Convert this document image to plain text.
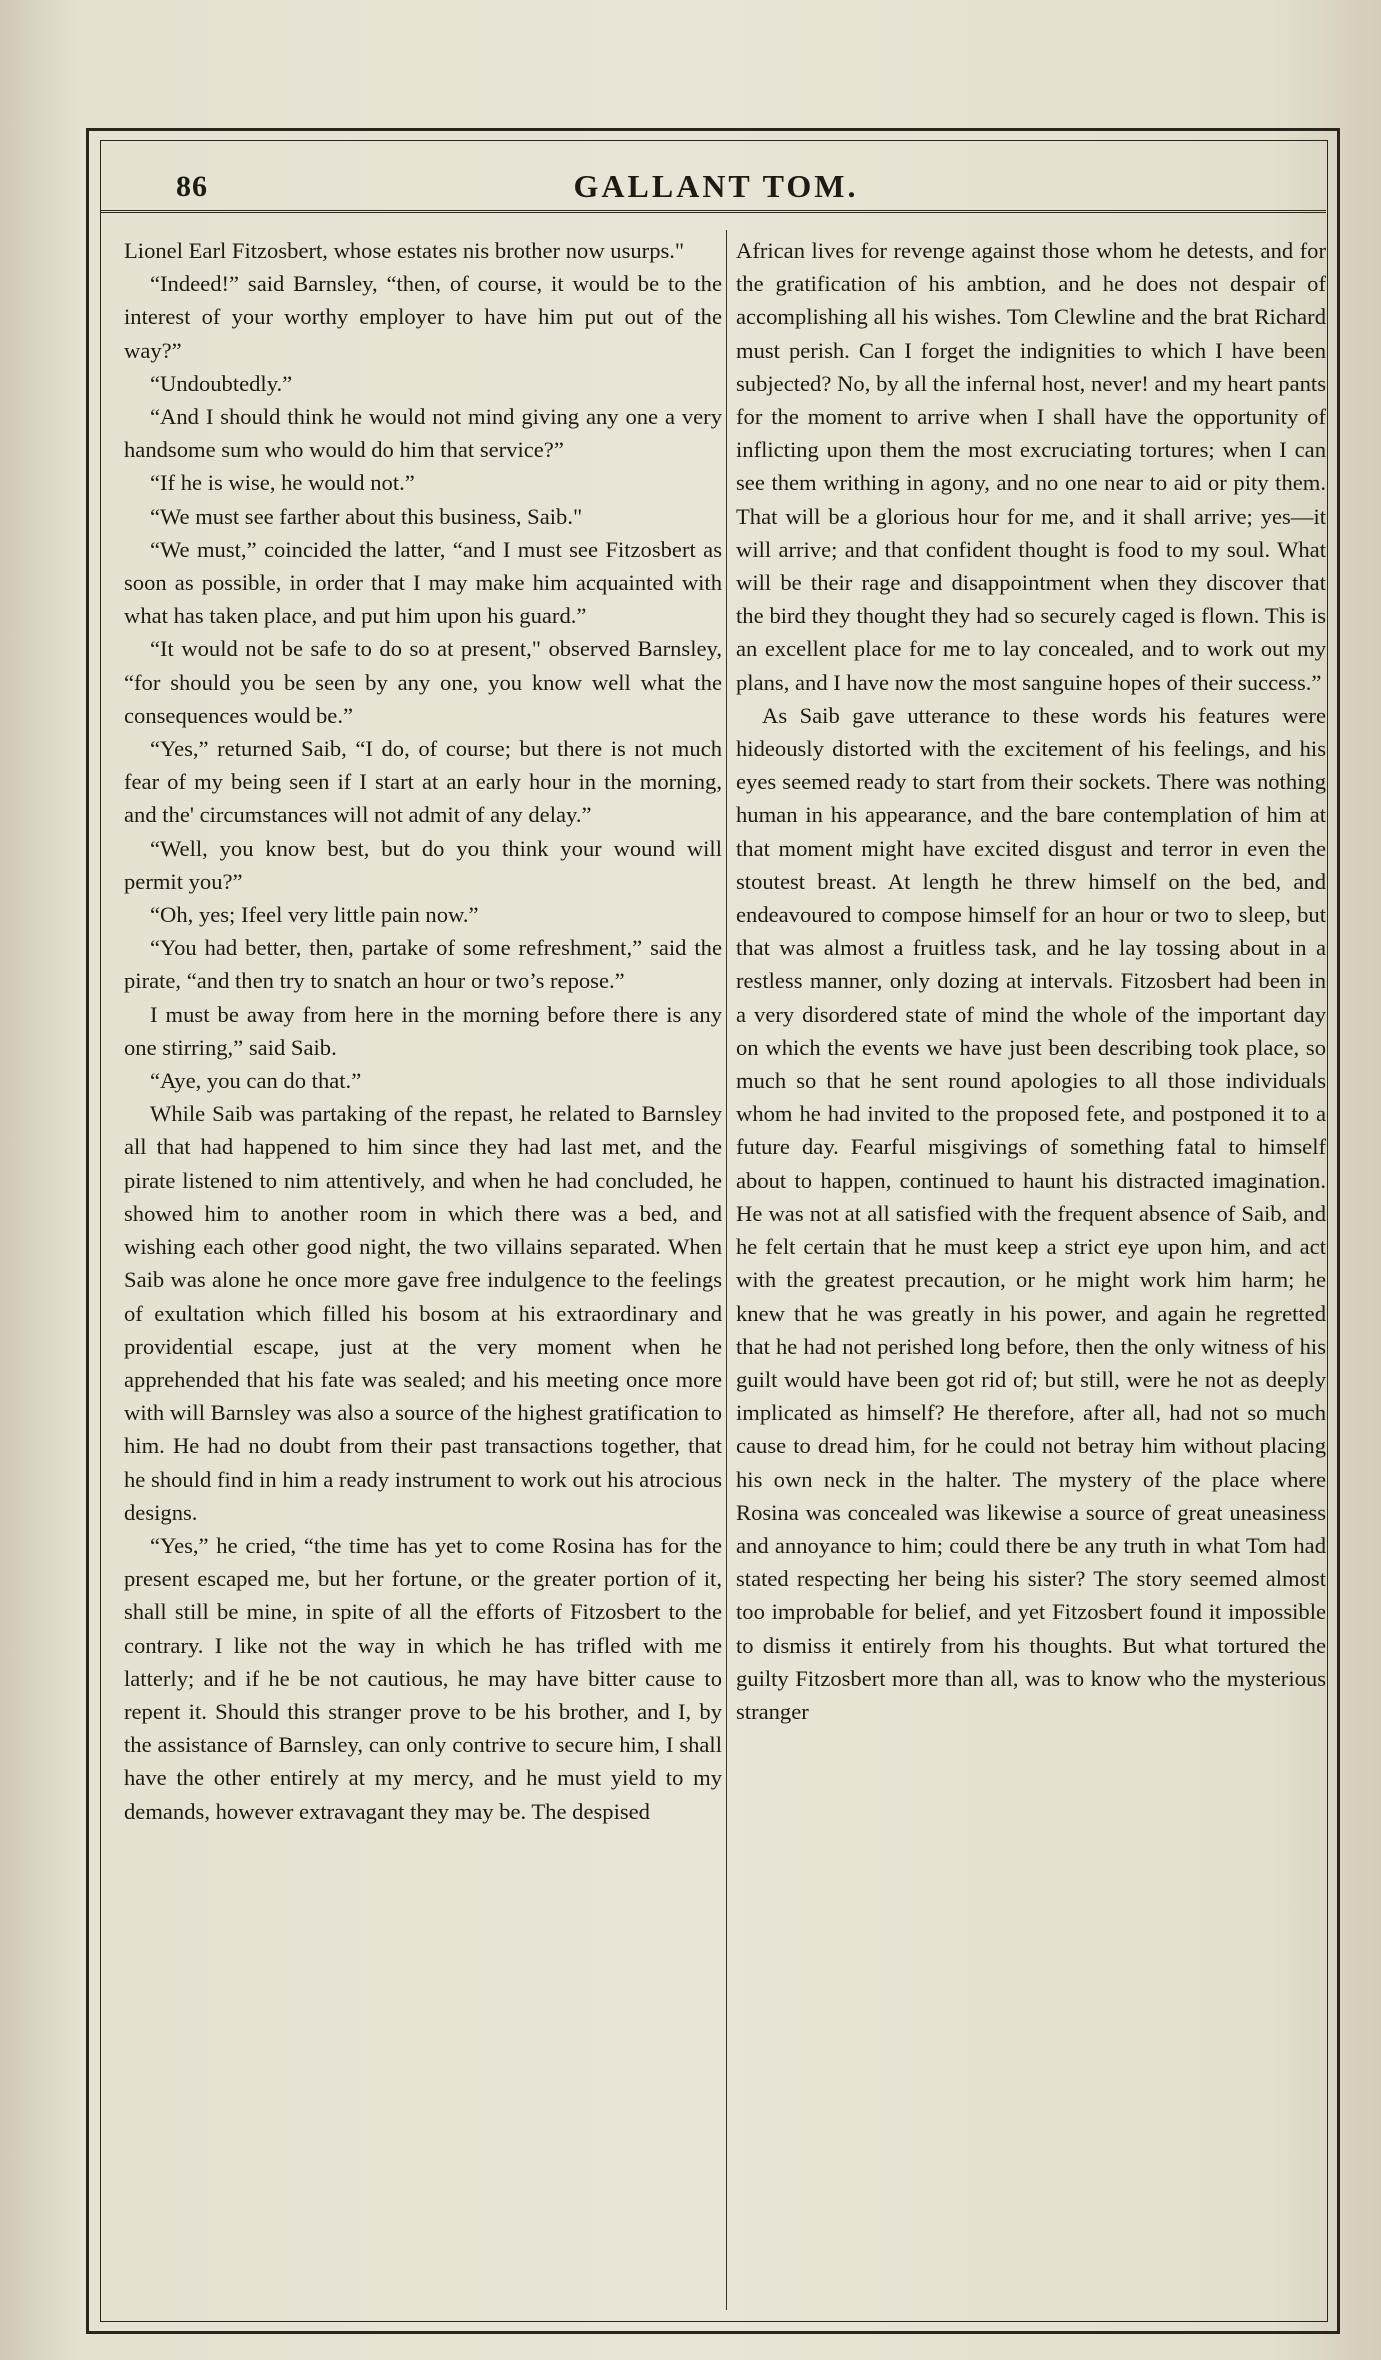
86	GALLANT TOM.

Lionel Earl Fitzosbert, whose estates nis brother now usurps."

“Indeed!” said Barnsley, “then, of course, it would be to the interest of your worthy employer to have him put out of the way?”

“Undoubtedly.”

“And I should think he would not mind giving any one a very handsome sum who would do him that service?”

“If he is wise, he would not.”

“We must see farther about this business, Saib."

“We must,” coincided the latter, “and I must see Fitzosbert as soon as possible, in order that I may make him acquainted with what has taken place, and put him upon his guard.”

“It would not be safe to do so at present," observed Barnsley, “for should you be seen by any one, you know well what the consequences would be.”

“Yes,” returned Saib, “I do, of course; but there is not much fear of my being seen if I start at an early hour in the morning, and the' circumstances will not admit of any delay.”

“Well, you know best, but do you think your wound will permit you?”

“Oh, yes; Ifeel very little pain now.”

“You had better, then, partake of some refreshment,” said the pirate, “and then try to snatch an hour or two’s repose.”

I must be away from here in the morning before there is any one stirring,” said Saib.

“Aye, you can do that.”

While Saib was partaking of the repast, he related to Barnsley all that had happened to him since they had last met, and the pirate listened to nim attentively, and when he had concluded, he showed him to another room in which there was a bed, and wishing each other good night, the two villains separated. When Saib was alone he once more gave free indulgence to the feelings of exultation which filled his bosom at his extraordinary and providential escape, just at the very moment when he apprehended that his fate was sealed; and his meeting once more with will Barnsley was also a source of the highest gratification to him. He had no doubt from their past transactions together, that he should find in him a ready instrument to work out his atrocious designs.

“Yes,” he cried, “the time has yet to come Rosina has for the present escaped me, but her fortune, or the greater portion of it, shall still be mine, in spite of all the efforts of Fitzosbert to the contrary. I like not the way in which he has trifled with me latterly; and if he be not cautious, he may have bitter cause to repent it. Should this stranger prove to be his brother, and I, by the assistance of Barnsley, can only contrive to secure him, I shall have the other entirely at my mercy, and he must yield to my demands, however extravagant they may be. The despised

African lives for revenge against those whom he detests, and for the gratification of his ambtion, and he does not despair of accomplishing all his wishes. Tom Clewline and the brat Richard must perish. Can I forget the indignities to which I have been subjected? No, by all the infernal host, never! and my heart pants for the moment to arrive when I shall have the opportunity of inflicting upon them the most excruciating tortures; when I can see them writhing in agony, and no one near to aid or pity them. That will be a glorious hour for me, and it shall arrive; yes—it will arrive; and that confident thought is food to my soul. What will be their rage and disappointment when they discover that the bird they thought they had so securely caged is flown. This is an excellent place for me to lay concealed, and to work out my plans, and I have now the most sanguine hopes of their success.”

As Saib gave utterance to these words his features were hideously distorted with the excitement of his feelings, and his eyes seemed ready to start from their sockets. There was nothing human in his appearance, and the bare contemplation of him at that moment might have excited disgust and terror in even the stoutest breast. At length he threw himself on the bed, and endeavoured to compose himself for an hour or two to sleep, but that was almost a fruitless task, and he lay tossing about in a restless manner, only dozing at intervals. Fitzosbert had been in a very disordered state of mind the whole of the important day on which the events we have just been describing took place, so much so that he sent round apologies to all those individuals whom he had invited to the proposed fete, and postponed it to a future day. Fearful misgivings of something fatal to himself about to happen, continued to haunt his distracted imagination. He was not at all satisfied with the frequent absence of Saib, and he felt certain that he must keep a strict eye upon him, and act with the greatest precaution, or he might work him harm; he knew that he was greatly in his power, and again he regretted that he had not perished long before, then the only witness of his guilt would have been got rid of; but still, were he not as deeply implicated as himself? He therefore, after all, had not so much cause to dread him, for he could not betray him without placing his own neck in the halter. The mystery of the place where Rosina was concealed was likewise a source of great uneasiness and annoyance to him; could there be any truth in what Tom had stated respecting her being his sister? The story seemed almost too improbable for belief, and yet Fitzosbert found it impossible to dismiss it entirely from his thoughts. But what tortured the guilty Fitzosbert more than all, was to know who the mysterious stranger
